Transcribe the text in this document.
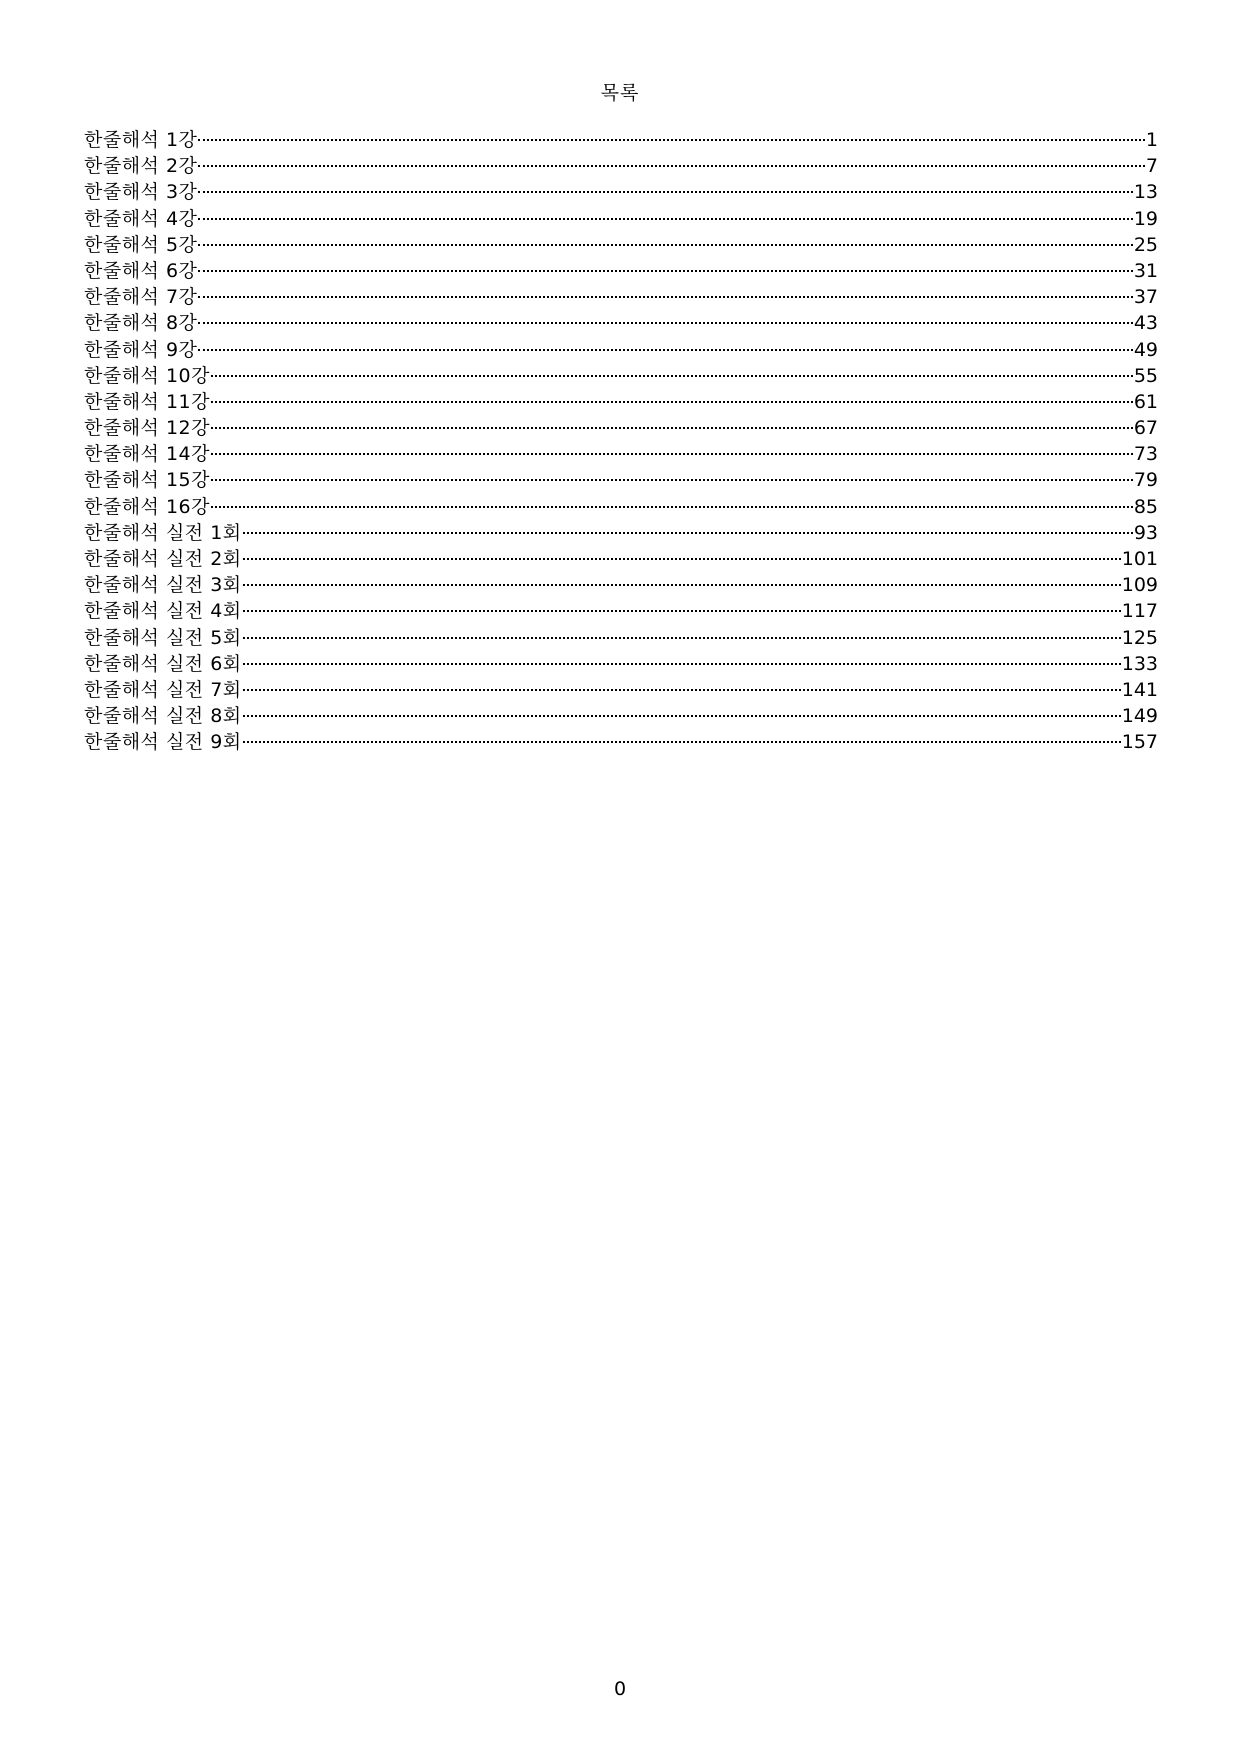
목록
한줄해석 1강	1
한줄해석 2강	7
한줄해석 3강	13
한줄해석 4강	19
한줄해석 5강	25
한줄해석 6강	31
한줄해석 7강	37
한줄해석 8강	43
한줄해석 9강	49
한줄해석 10강	55
한줄해석 11강	61
한줄해석 12강	67
한줄해석 14강	73
한줄해석 15강	79
한줄해석 16강	85
한줄해석 실전 1회	93
한줄해석 실전 2회	101
한줄해석 실전 3회	109
한줄해석 실전 4회	117
한줄해석 실전 5회	125
한줄해석 실전 6회	133
한줄해석 실전 7회	141
한줄해석 실전 8회	149
한줄해석 실전 9회	157
0
